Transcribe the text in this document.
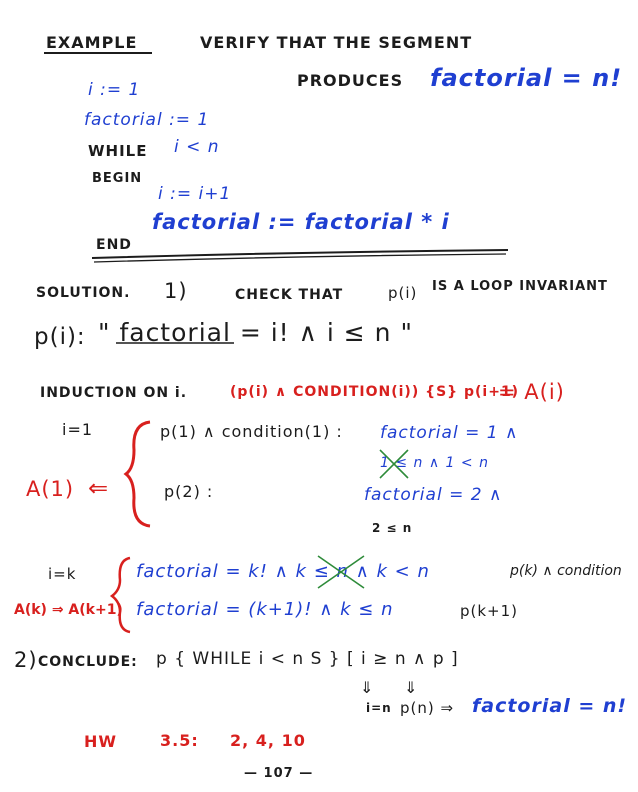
EXAMPLE	VERIFY THAT THE SEGMENT
PRODUCES factorial = n!
i := 1
factorial := 1
WHILE i < n
BEGIN
i := i+1
factorial := factorial * i
END
SOLUTION. 1)	CHECK THAT	p(i) IS A LOOP INVARIANT
p(i): " factorial = i! ∧ i ≤ n "
INDUCTION ON i.	(p(i) ∧ CONDITION(i)) {S} p(i+1)
= A(i)
i=1	p(1) ∧ condition(1) : factorial = 1 ∧
1 ≤ n ∧ 1 < n
A(1) ⇐	p(2) :	factorial = 2 ∧
2 ≤ n
i=k	factorial = k! ∧ k ≤ n ∧ k < n	p(k) ∧ condition
A(k) ⇒ A(k+1) factorial = (k+1)! ∧ k ≤ n	p(k+1)
2) CONCLUDE: p { WHILE i < n S } [ i ≥ n ∧ p ]
⇓ ⇓
i=n p(n) ⇒ factorial = n!
HW	3.5: 2, 4, 10
— 107 —
